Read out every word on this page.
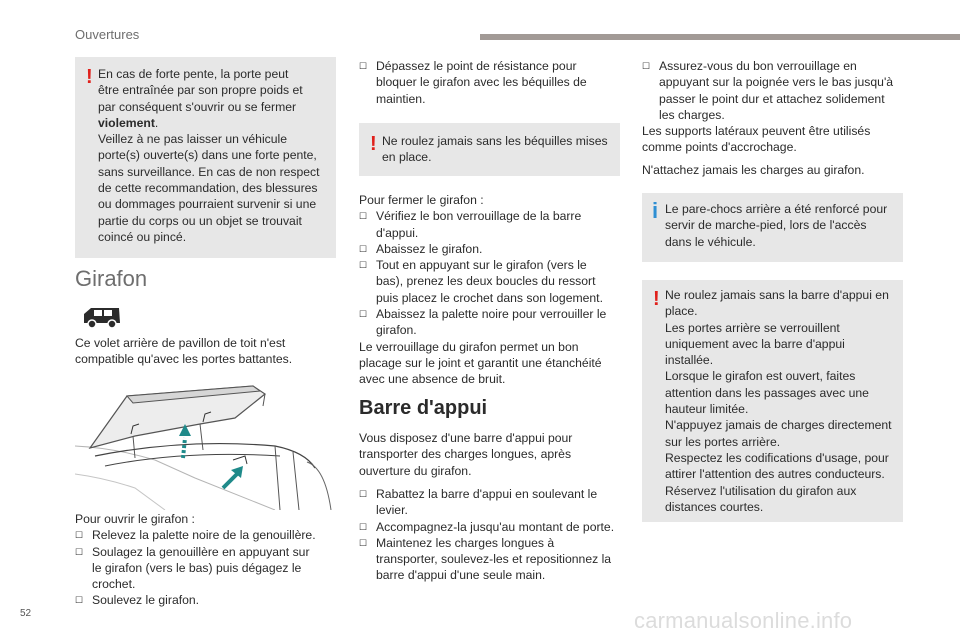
Ouvertures
! En cas de forte pente, la porte peut

être entraînée par son propre poids et

par conséquent s'ouvrir ou se fermer

violement.

Veillez à ne pas laisser un véhicule

porte(s) ouverte(s) dans une forte pente,

sans surveillance. En cas de non respect

de cette recommandation, des blessures

ou dommages pourraient survenir si une

partie du corps ou un objet se trouvait

coincé ou pincé.

Girafon

Ce volet arrière de pavillon de toit n'est

compatible qu'avec les portes battantes.

Pour ouvrir le girafon :

☐ Relevez la palette noire de la genouillère.

☐ Soulagez la genouillère en appuyant sur

le girafon (vers le bas) puis dégagez le

crochet.

☐ Soulevez le girafon.

☐ Dépassez le point de résistance pour

bloquer le girafon avec les béquilles de

maintien.

! Ne roulez jamais sans les béquilles mises

en place.

Pour fermer le girafon :

☐ Vérifiez le bon verrouillage de la barre

d'appui.

☐ Abaissez le girafon.

☐ Tout en appuyant sur le girafon (vers le

bas), prenez les deux boucles du ressort

puis placez le crochet dans son logement.

☐ Abaissez la palette noire pour verrouiller le

girafon.

Le verrouillage du girafon permet un bon

placage sur le joint et garantit une étanchéité

avec une absence de bruit.

Barre d'appui

Vous disposez d'une barre d'appui pour

transporter des charges longues, après

ouverture du girafon.

☐ Rabattez la barre d'appui en soulevant le

levier.

☐ Accompagnez-la jusqu'au montant de porte.

☐ Maintenez les charges longues à

transporter, soulevez-les et repositionnez la

barre d'appui d'une seule main.

☐ Assurez-vous du bon verrouillage en

appuyant sur la poignée vers le bas jusqu'à

passer le point dur et attachez solidement

les charges.

Les supports latéraux peuvent être utilisés

comme points d'accrochage.

N'attachez jamais les charges au girafon.

i Le pare-chocs arrière a été renforcé pour

servir de marche-pied, lors de l'accès

dans le véhicule.

! Ne roulez jamais sans la barre d'appui en

place.

Les portes arrière se verrouillent

uniquement avec la barre d'appui

installée.

Lorsque le girafon est ouvert, faites

attention dans les passages avec une

hauteur limitée.

N'appuyez jamais de charges directement

sur les portes arrière.

Respectez les codifications d'usage, pour

attirer l'attention des autres conducteurs.

Réservez l'utilisation du girafon aux

distances courtes.

52	carmanualsonline.info
